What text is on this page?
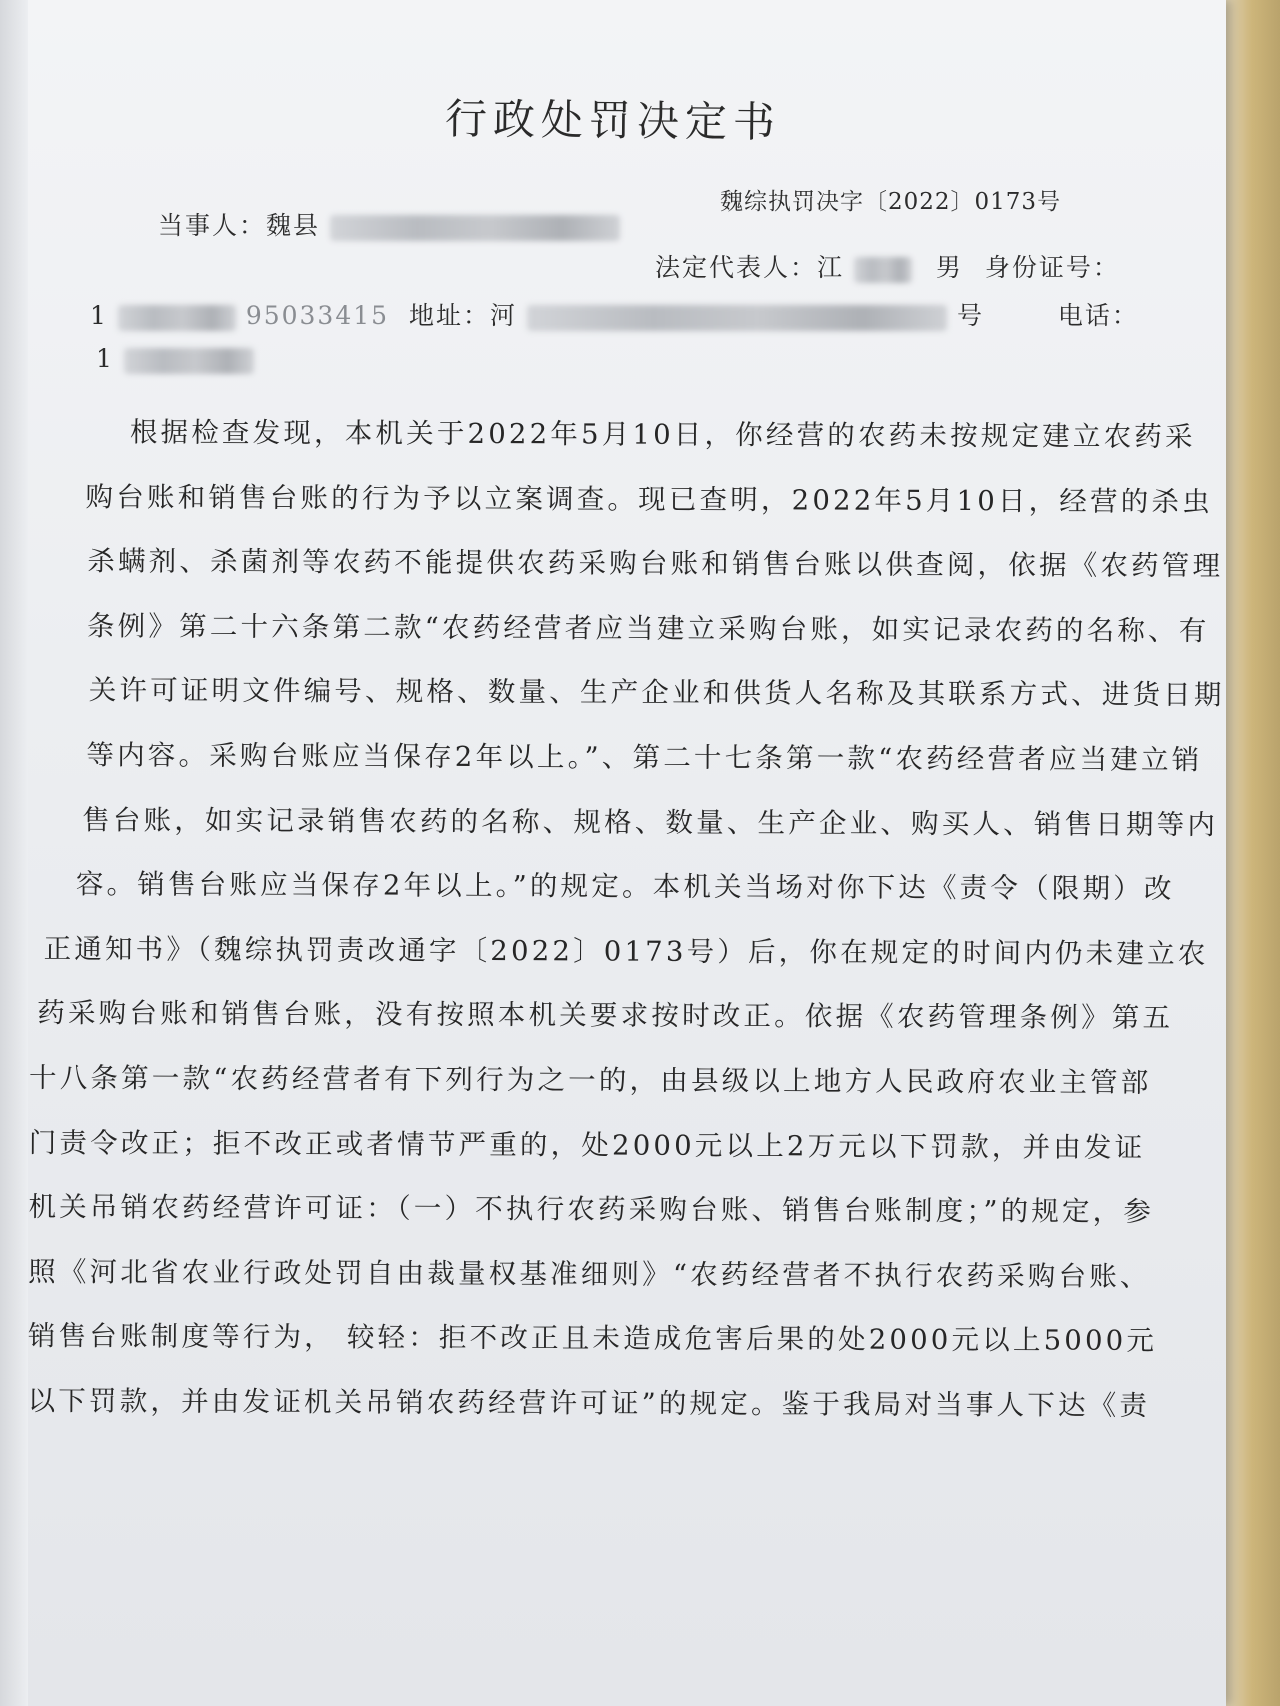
行政处罚决定书
魏综执罚决字〔2022〕0173号
当事人：魏县
法定代表人：江	男 身份证号：
1	95033415 地址：河	号	电话：
1
根据检查发现，本机关于2022年5月10日，你经营的农药未按规定建立农药采
购台账和销售台账的行为予以立案调查。现已查明，2022年5月10日，经营的杀虫
杀螨剂、杀菌剂等农药不能提供农药采购台账和销售台账以供查阅，依据《农药管理
条例》第二十六条第二款“农药经营者应当建立采购台账，如实记录农药的名称、有
关许可证明文件编号、规格、数量、生产企业和供货人名称及其联系方式、进货日期
等内容。采购台账应当保存2年以上。”、第二十七条第一款“农药经营者应当建立销
售台账，如实记录销售农药的名称、规格、数量、生产企业、购买人、销售日期等内
容。销售台账应当保存2年以上。”的规定。本机关当场对你下达《责令（限期）改
正通知书》（魏综执罚责改通字〔2022〕0173号）后，你在规定的时间内仍未建立农
药采购台账和销售台账，没有按照本机关要求按时改正。依据《农药管理条例》第五
十八条第一款“农药经营者有下列行为之一的，由县级以上地方人民政府农业主管部
门责令改正；拒不改正或者情节严重的，处2000元以上2万元以下罚款，并由发证
机关吊销农药经营许可证：（一）不执行农药采购台账、销售台账制度；”的规定，参
照《河北省农业行政处罚自由裁量权基准细则》“农药经营者不执行农药采购台账、
销售台账制度等行为， 较轻：拒不改正且未造成危害后果的处2000元以上5000元
以下罚款，并由发证机关吊销农药经营许可证”的规定。鉴于我局对当事人下达《责
